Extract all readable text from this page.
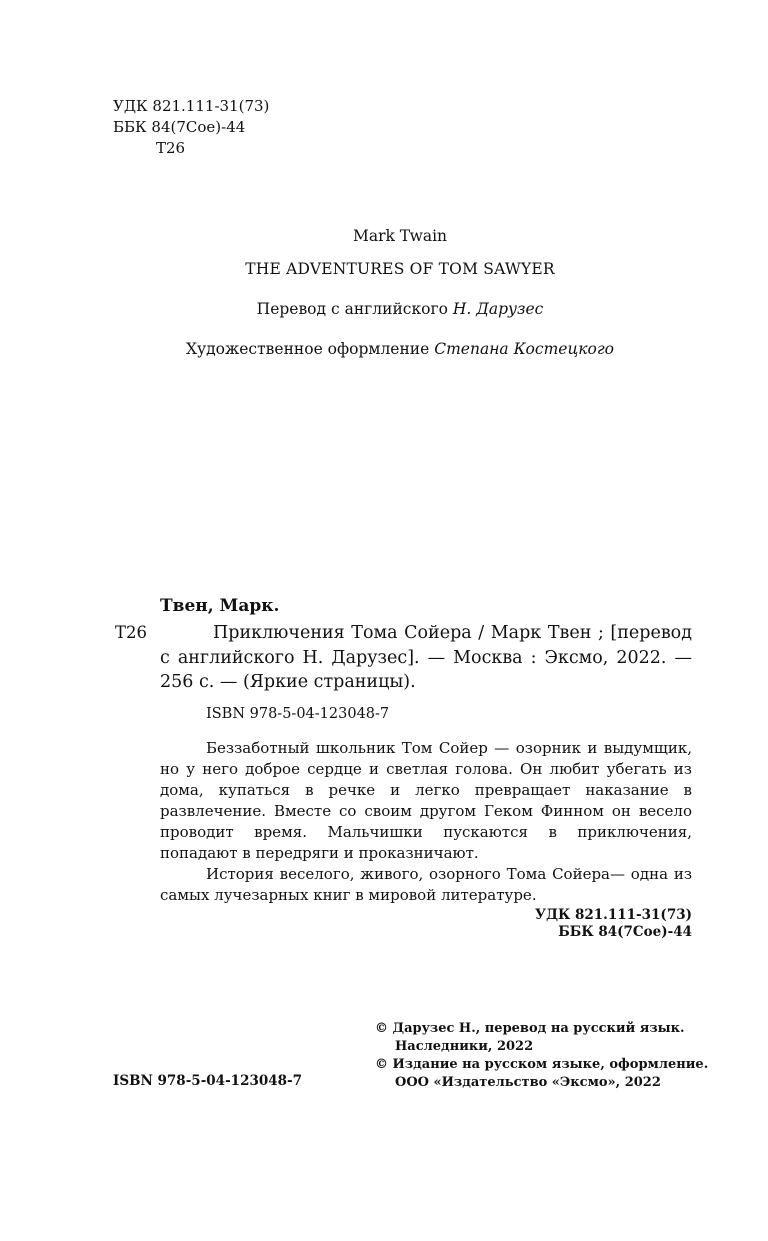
УДК 821.111-31(73)
ББК 84(7Сое)-44
Т26
Mark Twain
THE ADVENTURES OF TOM SAWYER
Перевод с английского Н. Дарузес
Художественное оформление Степана Костецкого
Твен, Марк.
Т26	Приключения Тома Сойера / Марк Твен ; [перевод с английского Н. Дарузес]. — Москва : Эксмо, 2022. — 256 с. — (Яркие страницы).
ISBN 978-5-04-123048-7

Беззаботный школьник Том Сойер — озорник и выдумщик, но у него доброе сердце и светлая голова. Он любит убегать из дома, купаться в речке и легко превращает наказание в развлечение. Вместе со своим другом Геком Финном он весело проводит время. Мальчишки пускаются в приключения, попадают в передряги и проказничают.

История веселого, живого, озорного Тома Сойера— одна из самых лучезарных книг в мировой литературе.

УДК 821.111-31(73)
ББК 84(7Сое)-44
© Дарузес Н., перевод на русский язык.
Наследники, 2022
© Издание на русском языке, оформление.
ООО «Издательство «Эксмо», 2022
ISBN 978-5-04-123048-7
